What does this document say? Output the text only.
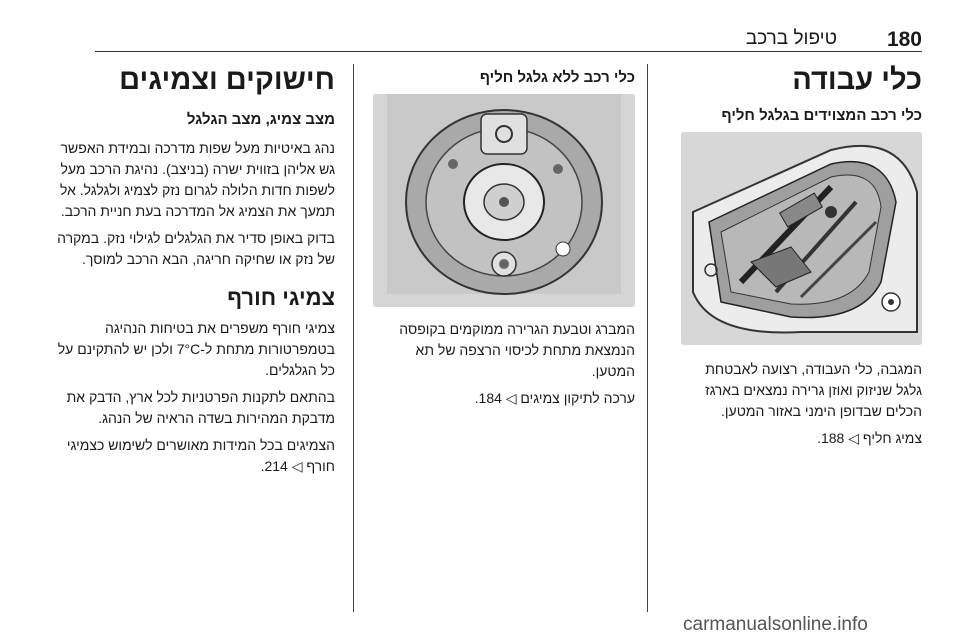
טיפול ברכב 180
כלי עבודה
כלי רכב המצוידים בגלגל חליף

המגבה, כלי העבודה, רצועה לאבטחת גלגל שניזוק ואוזן גרירה נמצאים בארגז הכלים שבדופן הימני באזור המטען.

צמיג חליף ◁ 188.

כלי רכב ללא גלגל חליף

המברג וטבעת הגרירה ממוקמים בקופסה הנמצאת מתחת לכיסוי הרצפה של תא המטען.

ערכה לתיקון צמיגים ◁ 184.

חישוקים וצמיגים
מצב צמיג, מצב הגלגל

נהג באיטיות מעל שפות מדרכה ובמידת האפשר גש אליהן בזווית ישרה (בניצב). נהיגת הרכב מעל לשפות חדות הלולה לגרום נזק לצמיג ולגלגל. אל תמעך את הצמיג אל המדרכה בעת חניית הרכב.

בדוק באופן סדיר את הגלגלים לגילוי נזק. במקרה של נזק או שחיקה חריגה, הבא הרכב למוסך.

צמיגי חורף

צמיגי חורף משפרים את בטיחות הנהיגה בטמפרטורות מתחת ל-7°C ולכן יש להתקינם על כל הגלגלים.

בהתאם לתקנות הפרטניות לכל ארץ, הדבק את מדבקת המהירות בשדה הראיה של הנהג.

הצמיגים בכל המידות מאושרים לשימוש כצמיגי חורף ◁ 214.

carmanualsonline.info
